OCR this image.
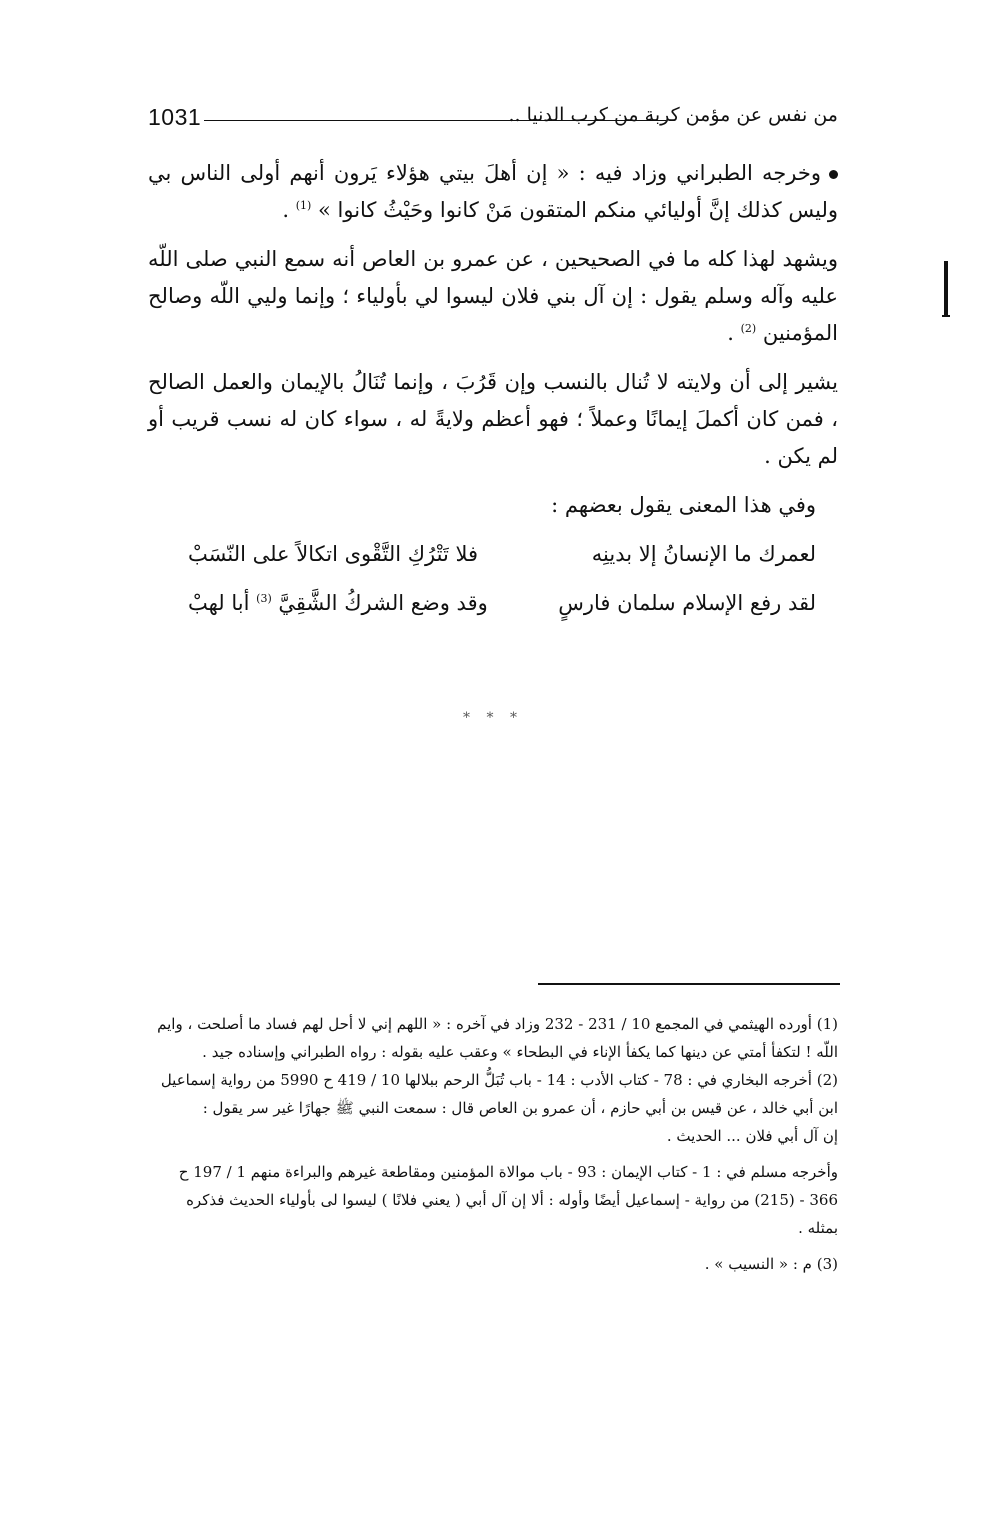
1031	من نفس عن مؤمن كربة من كرب الدنيا ..

وخرجه الطبراني وزاد فيه : « إن أهلَ بيتي هؤلاء يَرون أنهم أولى الناس بي وليس كذلك إنَّ أوليائي منكم المتقون مَنْ كانوا وحَيْثُ كانوا » $^{(1)}$ .

ويشهد لهذا كله ما في الصحيحين ، عن عمرو بن العاص أنه سمع النبي صلى اللّه عليه وآله وسلم يقول : إن آل بني فلان ليسوا لي بأولياء ؛ وإنما وليي اللّه وصالح المؤمنين $^{(2)}$ .

يشير إلى أن ولايته لا تُنال بالنسب وإن قَرُبَ ، وإنما تُنَالُ بالإيمان والعمل الصالح ، فمن كان أكملَ إيمانًا وعملاً ؛ فهو أعظم ولايةً له ، سواء كان له نسب قريب أو لم يكن .

وفي هذا المعنى يقول بعضهم :

لعمرك ما الإنسانُ إلا بدينِه
فلا تَتْرُكِ التَّقْوى اتكالاً على النّسَبْ
لقد رفع الإسلام سلمان فارسٍ
وقد وضع الشركُ الشَّقِيَّ $^{(3)}$ أبا لهبْ
* * *

(1) أورده الهيثمي في المجمع 10 / 231 - 232 وزاد في آخره : « اللهم إني لا أحل لهم فساد ما أصلحت ، وايم

اللّه ! لتكفأ أمتي عن دينها كما يكفأ الإناء في البطحاء » وعقب عليه بقوله : رواه الطبراني وإسناده جيد .

(2) أخرجه البخاري في : 78 - كتاب الأدب : 14 - باب تُبَلُّ الرحم ببلالها 10 / 419 ح 5990 من رواية إسماعيل

ابن أبي خالد ، عن قيس بن أبي حازم ، أن عمرو بن العاص قال : سمعت النبي ﷺ جهارًا غير سر يقول :

إن آل أبي فلان ... الحديث .

وأخرجه مسلم في : 1 - كتاب الإيمان : 93 - باب موالاة المؤمنين ومقاطعة غيرهم والبراءة منهم 1 / 197 ح

366 - (215) من رواية - إسماعيل أيضًا وأوله : ألا إن آل أبي ( يعني فلانًا ) ليسوا لى بأولياء الحديث فذكره

بمثله .

(3) م : « النسيب » .
